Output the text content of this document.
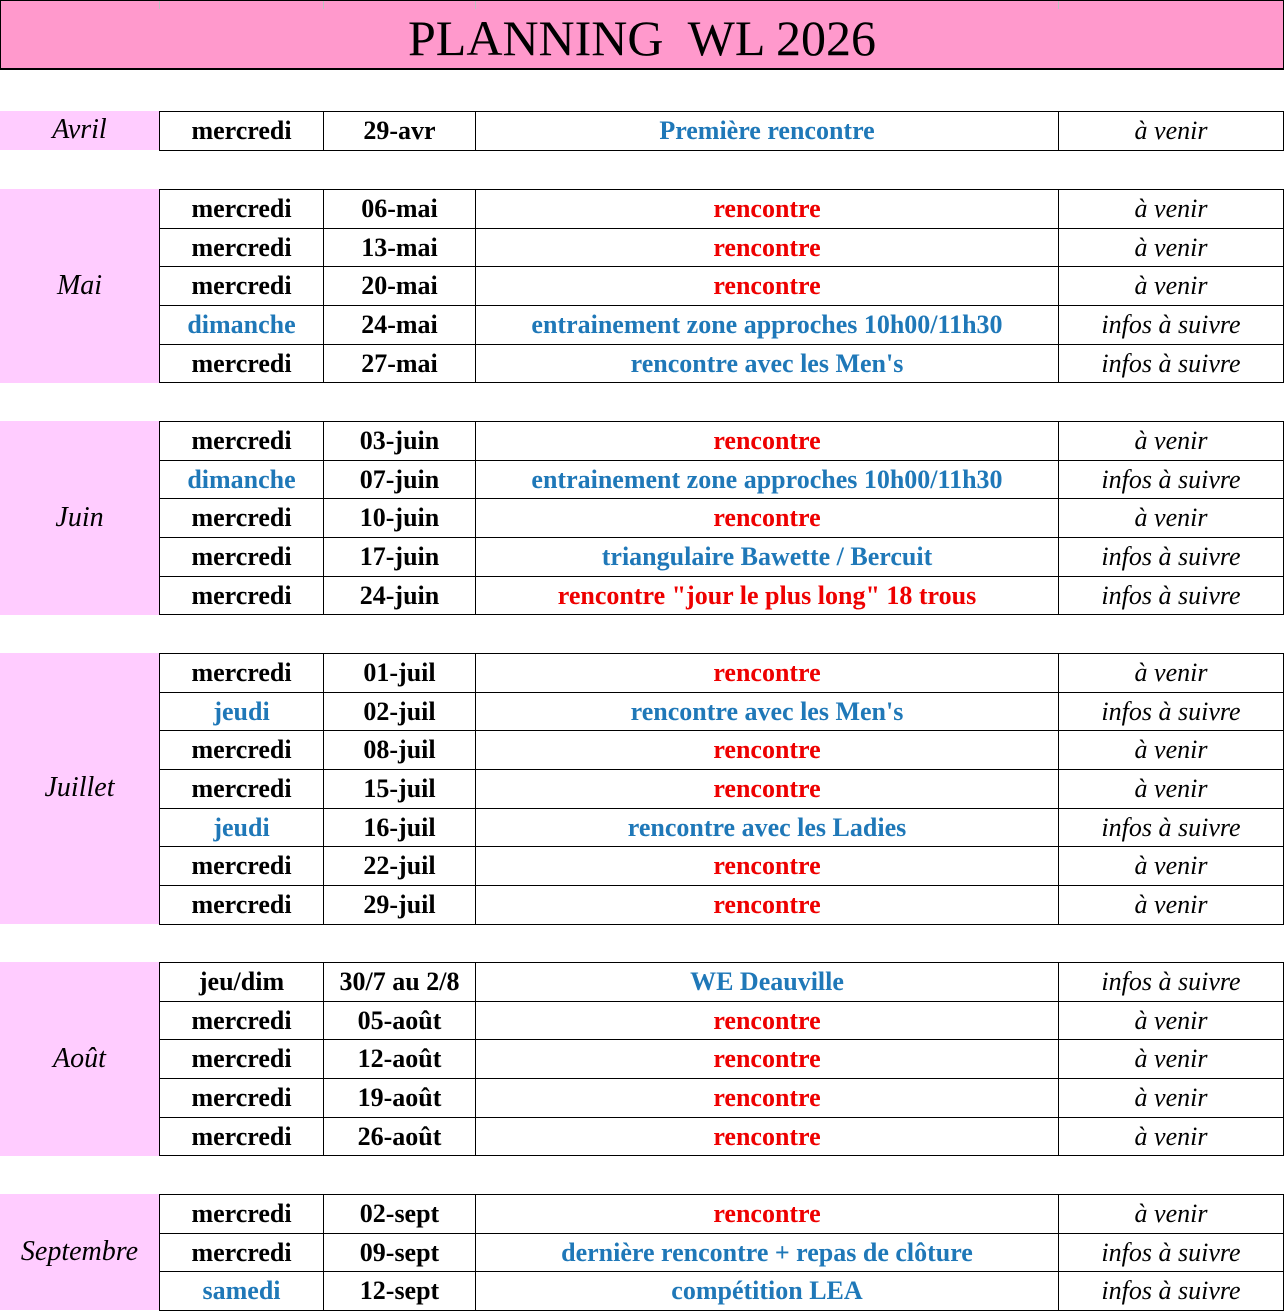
PLANNING  WL 2026
Avril	mercredi	29-avr	Première rencontre	à venir
Mai
mercredi	06-mai	rencontre	à venir
mercredi	13-mai	rencontre	à venir
mercredi	20-mai	rencontre	à venir
dimanche	24-mai	entrainement zone approches 10h00/11h30	infos à suivre
mercredi	27-mai	rencontre avec les Men's	infos à suivre
Juin
mercredi	03-juin	rencontre	à venir
dimanche	07-juin	entrainement zone approches 10h00/11h30	infos à suivre
mercredi	10-juin	rencontre	à venir
mercredi	17-juin	triangulaire Bawette / Bercuit	infos à suivre
mercredi	24-juin	rencontre "jour le plus long" 18 trous	infos à suivre
Juillet
mercredi	01-juil	rencontre	à venir
jeudi	02-juil	rencontre avec les Men's	infos à suivre
mercredi	08-juil	rencontre	à venir
mercredi	15-juil	rencontre	à venir
jeudi	16-juil	rencontre avec les Ladies	infos à suivre
mercredi	22-juil	rencontre	à venir
mercredi	29-juil	rencontre	à venir
Août
jeu/dim	30/7 au 2/8	WE Deauville	infos à suivre
mercredi	05-août	rencontre	à venir
mercredi	12-août	rencontre	à venir
mercredi	19-août	rencontre	à venir
mercredi	26-août	rencontre	à venir
Septembre
mercredi	02-sept	rencontre	à venir
mercredi	09-sept	dernière rencontre + repas de clôture	infos à suivre
samedi	12-sept	compétition LEA	infos à suivre
